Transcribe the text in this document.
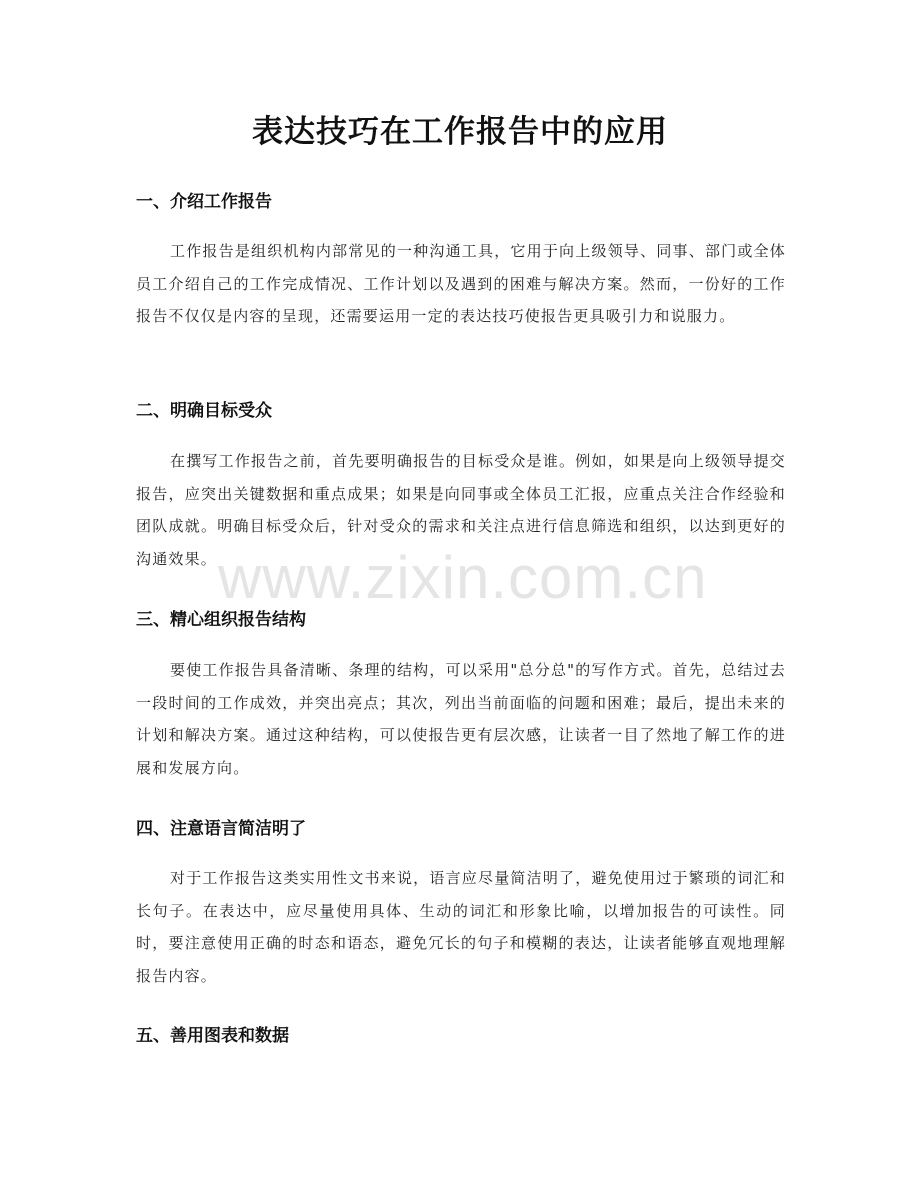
表达技巧在工作报告中的应用
一、介绍工作报告

工作报告是组织机构内部常见的一种沟通工具，它用于向上级领导、同事、部门或全体员工介绍自己的工作完成情况、工作计划以及遇到的困难与解决方案。然而，一份好的工作报告不仅仅是内容的呈现，还需要运用一定的表达技巧使报告更具吸引力和说服力。

二、明确目标受众

在撰写工作报告之前，首先要明确报告的目标受众是谁。例如，如果是向上级领导提交报告，应突出关键数据和重点成果；如果是向同事或全体员工汇报，应重点关注合作经验和团队成就。明确目标受众后，针对受众的需求和关注点进行信息筛选和组织，以达到更好的沟通效果。

三、精心组织报告结构

要使工作报告具备清晰、条理的结构，可以采用"总分总"的写作方式。首先，总结过去一段时间的工作成效，并突出亮点；其次，列出当前面临的问题和困难；最后，提出未来的计划和解决方案。通过这种结构，可以使报告更有层次感，让读者一目了然地了解工作的进展和发展方向。

四、注意语言简洁明了

对于工作报告这类实用性文书来说，语言应尽量简洁明了，避免使用过于繁琐的词汇和长句子。在表达中，应尽量使用具体、生动的词汇和形象比喻，以增加报告的可读性。同时，要注意使用正确的时态和语态，避免冗长的句子和模糊的表达，让读者能够直观地理解报告内容。

五、善用图表和数据
www.zixin.com.cn
